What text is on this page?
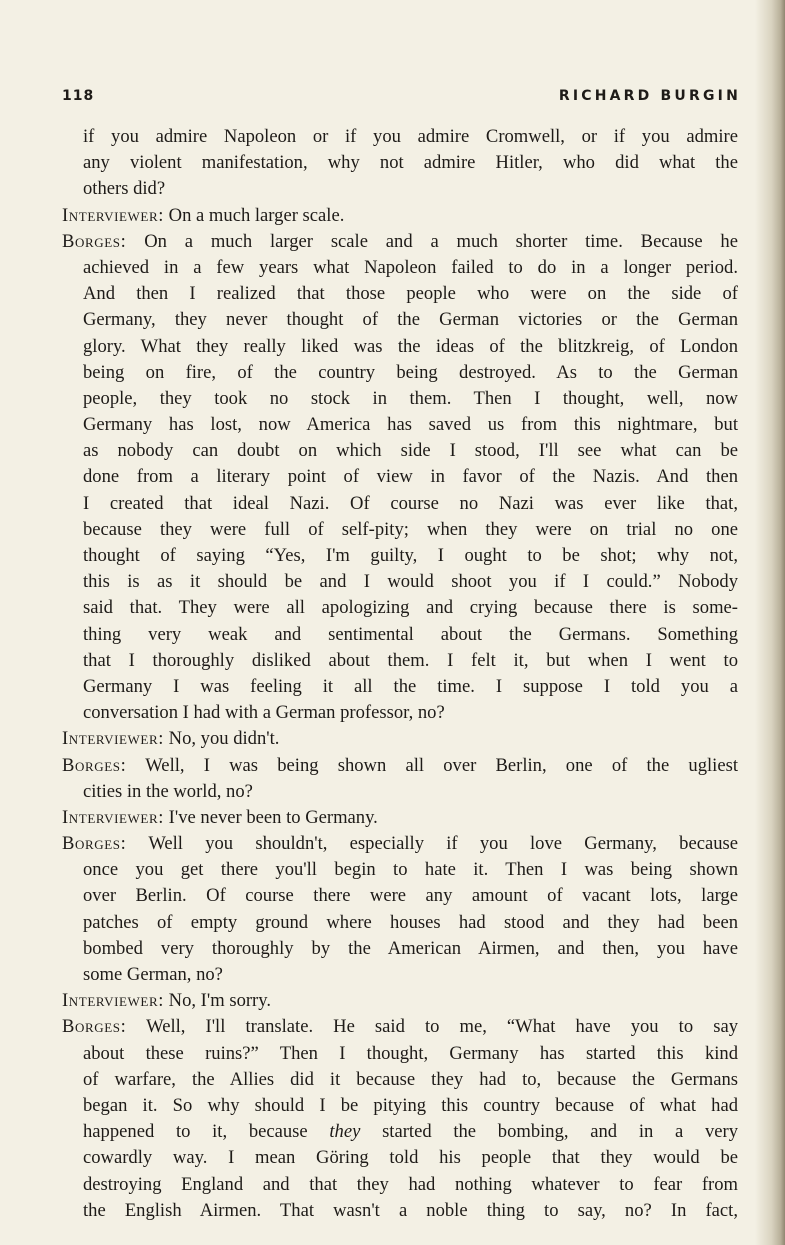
118	RICHARD BURGIN
if you admire Napoleon or if you admire Cromwell, or if you admire
any violent manifestation, why not admire Hitler, who did what the
others did?
Interviewer: On a much larger scale.
Borges: On a much larger scale and a much shorter time. Because he
achieved in a few years what Napoleon failed to do in a longer period.
And then I realized that those people who were on the side of
Germany, they never thought of the German victories or the German
glory. What they really liked was the ideas of the blitzkreig, of London
being on fire, of the country being destroyed. As to the German
people, they took no stock in them. Then I thought, well, now
Germany has lost, now America has saved us from this nightmare, but
as nobody can doubt on which side I stood, I'll see what can be
done from a literary point of view in favor of the Nazis. And then
I created that ideal Nazi. Of course no Nazi was ever like that,
because they were full of self-pity; when they were on trial no one
thought of saying “Yes, I'm guilty, I ought to be shot; why not,
this is as it should be and I would shoot you if I could.” Nobody
said that. They were all apologizing and crying because there is some-
thing very weak and sentimental about the Germans. Something
that I thoroughly disliked about them. I felt it, but when I went to
Germany I was feeling it all the time. I suppose I told you a
conversation I had with a German professor, no?
Interviewer: No, you didn't.
Borges: Well, I was being shown all over Berlin, one of the ugliest
cities in the world, no?
Interviewer: I've never been to Germany.
Borges: Well you shouldn't, especially if you love Germany, because
once you get there you'll begin to hate it. Then I was being shown
over Berlin. Of course there were any amount of vacant lots, large
patches of empty ground where houses had stood and they had been
bombed very thoroughly by the American Airmen, and then, you have
some German, no?
Interviewer: No, I'm sorry.
Borges: Well, I'll translate. He said to me, “What have you to say
about these ruins?” Then I thought, Germany has started this kind
of warfare, the Allies did it because they had to, because the Germans
began it. So why should I be pitying this country because of what had
happened to it, because they started the bombing, and in a very
cowardly way. I mean Göring told his people that they would be
destroying England and that they had nothing whatever to fear from
the English Airmen. That wasn't a noble thing to say, no? In fact,
